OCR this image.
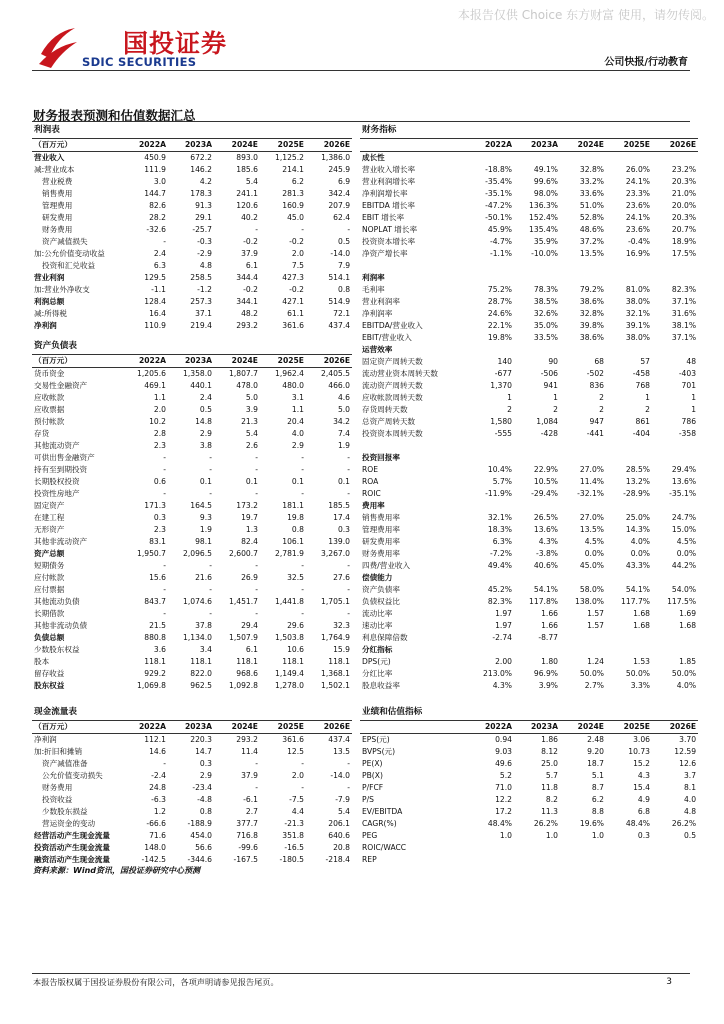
本报告仅供 Choice 东方财富 使用，请勿传阅。
国投证券
SDIC SECURITIES	公司快报/行动教育
财务报表预测和估值数据汇总
利润表					
（百万元）	2022A	2023A	2024E	2025E	2026E
营业收入	450.9	672.2	893.0	1,125.2	1,386.0
减:营业成本	111.9	146.2	185.6	214.1	245.9
营业税费	3.0	4.2	5.4	6.2	6.9
销售费用	144.7	178.3	241.1	281.3	342.4
管理费用	82.6	91.3	120.6	160.9	207.9
研发费用	28.2	29.1	40.2	45.0	62.4
财务费用	-32.6	-25.7	-	-	-
资产减值损失	-	-0.3	-0.2	-0.2	0.5
加:公允价值变动收益	2.4	-2.9	37.9	2.0	-14.0
投资和汇兑收益	6.3	4.8	6.1	7.5	7.9
营业利润	129.5	258.5	344.4	427.3	514.1
加:营业外净收支	-1.1	-1.2	-0.2	-0.2	0.8
利润总额	128.4	257.3	344.1	427.1	514.9
减:所得税	16.4	37.1	48.2	61.1	72.1
净利润	110.9	219.4	293.2	361.6	437.4
资产负债表					
（百万元）	2022A	2023A	2024E	2025E	2026E
货币资金	1,205.6	1,358.0	1,807.7	1,962.4	2,405.5
交易性金融资产	469.1	440.1	478.0	480.0	466.0
应收帐款	1.1	2.4	5.0	3.1	4.6
应收票据	2.0	0.5	3.9	1.1	5.0
预付帐款	10.2	14.8	21.3	20.4	34.2
存货	2.8	2.9	5.4	4.0	7.4
其他流动资产	2.3	3.8	2.6	2.9	1.9
可供出售金融资产	-	-	-	-	-
持有至到期投资	-	-	-	-	-
长期股权投资	0.6	0.1	0.1	0.1	0.1
投资性房地产	-	-	-	-	-
固定资产	171.3	164.5	173.2	181.1	185.5
在建工程	0.3	9.3	19.7	19.8	17.4
无形资产	2.3	1.9	1.3	0.8	0.3
其他非流动资产	83.1	98.1	82.4	106.1	139.0
资产总额	1,950.7	2,096.5	2,600.7	2,781.9	3,267.0
短期债务	-	-	-	-	-
应付帐款	15.6	21.6	26.9	32.5	27.6
应付票据	-	-	-	-	-
其他流动负债	843.7	1,074.6	1,451.7	1,441.8	1,705.1
长期借款	-	-	-	-	-
其他非流动负债	21.5	37.8	29.4	29.6	32.3
负债总额	880.8	1,134.0	1,507.9	1,503.8	1,764.9
少数股东权益	3.6	3.4	6.1	10.6	15.9
股本	118.1	118.1	118.1	118.1	118.1
留存收益	929.2	822.0	968.6	1,149.4	1,368.1
股东权益	1,069.8	962.5	1,092.8	1,278.0	1,502.1
现金流量表					
（百万元）	2022A	2023A	2024E	2025E	2026E
净利润	112.1	220.3	293.2	361.6	437.4
加:折旧和摊销	14.6	14.7	11.4	12.5	13.5
资产减值准备	-	0.3	-	-	-
公允价值变动损失	-2.4	2.9	37.9	2.0	-14.0
财务费用	24.8	-23.4	-	-	-
投资收益	-6.3	-4.8	-6.1	-7.5	-7.9
少数股东损益	1.2	0.8	2.7	4.4	5.4
营运资金的变动	-66.6	-188.9	377.7	-21.3	206.1
经营活动产生现金流量	71.6	454.0	716.8	351.8	640.6
投资活动产生现金流量	148.0	56.6	-99.6	-16.5	20.8
融资活动产生现金流量	-142.5	-344.6	-167.5	-180.5	-218.4
财务指标					
	2022A	2023A	2024E	2025E	2026E
成长性					
营业收入增长率	-18.8%	49.1%	32.8%	26.0%	23.2%
营业利润增长率	-35.4%	99.6%	33.2%	24.1%	20.3%
净利润增长率	-35.1%	98.0%	33.6%	23.3%	21.0%
EBITDA 增长率	-47.2%	136.3%	51.0%	23.6%	20.0%
EBIT 增长率	-50.1%	152.4%	52.8%	24.1%	20.3%
NOPLAT 增长率	45.9%	135.4%	48.6%	23.6%	20.7%
投资资本增长率	-4.7%	35.9%	37.2%	-0.4%	18.9%
净资产增长率	-1.1%	-10.0%	13.5%	16.9%	17.5%

利润率					
毛利率	75.2%	78.3%	79.2%	81.0%	82.3%
营业利润率	28.7%	38.5%	38.6%	38.0%	37.1%
净利润率	24.6%	32.6%	32.8%	32.1%	31.6%
EBITDA/营业收入	22.1%	35.0%	39.8%	39.1%	38.1%
EBIT/营业收入	19.8%	33.5%	38.6%	38.0%	37.1%
运营效率					
固定资产周转天数	140	90	68	57	48
流动营业资本周转天数	-677	-506	-502	-458	-403
流动资产周转天数	1,370	941	836	768	701
应收帐款周转天数	1	1	2	1	1
存货周转天数	2	2	2	2	1
总资产周转天数	1,580	1,084	947	861	786
投资资本周转天数	-555	-428	-441	-404	-358

投资回报率					
ROE	10.4%	22.9%	27.0%	28.5%	29.4%
ROA	5.7%	10.5%	11.4%	13.2%	13.6%
ROIC	-11.9%	-29.4%	-32.1%	-28.9%	-35.1%
费用率					
销售费用率	32.1%	26.5%	27.0%	25.0%	24.7%
管理费用率	18.3%	13.6%	13.5%	14.3%	15.0%
研发费用率	6.3%	4.3%	4.5%	4.0%	4.5%
财务费用率	-7.2%	-3.8%	0.0%	0.0%	0.0%
四费/营业收入	49.4%	40.6%	45.0%	43.3%	44.2%
偿债能力					
资产负债率	45.2%	54.1%	58.0%	54.1%	54.0%
负债权益比	82.3%	117.8%	138.0%	117.7%	117.5%
流动比率	1.97	1.66	1.57	1.68	1.69
速动比率	1.97	1.66	1.57	1.68	1.68
利息保障倍数	-2.74	-8.77			
分红指标					
DPS(元)	2.00	1.80	1.24	1.53	1.85
分红比率	213.0%	96.9%	50.0%	50.0%	50.0%
股息收益率	4.3%	3.9%	2.7%	3.3%	4.0%
业绩和估值指标					
	2022A	2023A	2024E	2025E	2026E
EPS(元)	0.94	1.86	2.48	3.06	3.70
BVPS(元)	9.03	8.12	9.20	10.73	12.59
PE(X)	49.6	25.0	18.7	15.2	12.6
PB(X)	5.2	5.7	5.1	4.3	3.7
P/FCF	71.0	11.8	8.7	15.4	8.1
P/S	12.2	8.2	6.2	4.9	4.0
EV/EBITDA	17.2	11.3	8.8	6.8	4.8
CAGR(%)	48.4%	26.2%	19.6%	48.4%	26.2%
PEG	1.0	1.0	1.0	0.3	0.5
ROIC/WACC					
REP					
资料来源：Wind资讯，国投证券研究中心预测
本报告版权属于国投证券股份有限公司，各项声明请参见报告尾页。	3
